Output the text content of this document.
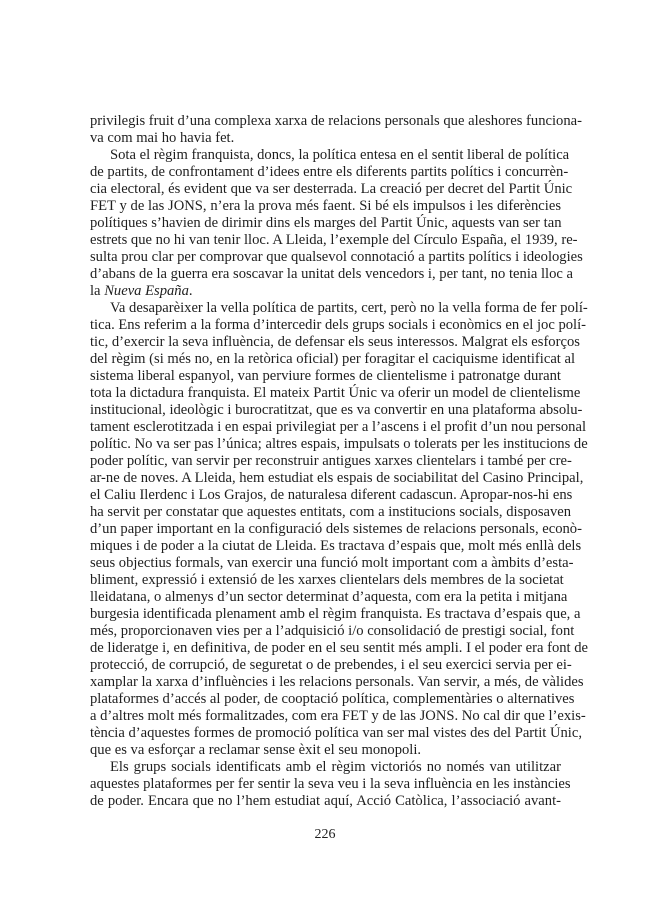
privilegis fruit d’una complexa xarxa de relacions personals que aleshores funciona-
va com mai ho havia fet.
Sota el règim franquista, doncs, la política entesa en el sentit liberal de política
de partits, de confrontament d’idees entre els diferents partits polítics i concurrèn-
cia electoral, és evident que va ser desterrada. La creació per decret del Partit Únic
FET y de las JONS, n’era la prova més faent. Si bé els impulsos i les diferències
polítiques s’havien de dirimir dins els marges del Partit Únic, aquests van ser tan
estrets que no hi van tenir lloc. A Lleida, l’exemple del Círculo España, el 1939, re-
sulta prou clar per comprovar que qualsevol connotació a partits polítics i ideologies
d’abans de la guerra era soscavar la unitat dels vencedors i, per tant, no tenia lloc a
la Nueva España.
Va desaparèixer la vella política de partits, cert, però no la vella forma de fer polí-
tica. Ens referim a la forma d’intercedir dels grups socials i econòmics en el joc polí-
tic, d’exercir la seva influència, de defensar els seus interessos. Malgrat els esforços
del règim (si més no, en la retòrica oficial) per foragitar el caciquisme identificat al
sistema liberal espanyol, van perviure formes de clientelisme i patronatge durant
tota la dictadura franquista. El mateix Partit Únic va oferir un model de clientelisme
institucional, ideològic i burocratitzat, que es va convertir en una plataforma absolu-
tament esclerotitzada i en espai privilegiat per a l’ascens i el profit d’un nou personal
polític. No va ser pas l’única; altres espais, impulsats o tolerats per les institucions de
poder polític, van servir per reconstruir antigues xarxes clientelars i també per cre-
ar-ne de noves. A Lleida, hem estudiat els espais de sociabilitat del Casino Principal,
el Caliu Ilerdenc i Los Grajos, de naturalesa diferent cadascun. Apropar-nos-hi ens
ha servit per constatar que aquestes entitats, com a institucions socials, disposaven
d’un paper important en la configuració dels sistemes de relacions personals, econò-
miques i de poder a la ciutat de Lleida. Es tractava d’espais que, molt més enllà dels
seus objectius formals, van exercir una funció molt important com a àmbits d’esta-
bliment, expressió i extensió de les xarxes clientelars dels membres de la societat
lleidatana, o almenys d’un sector determinat d’aquesta, com era la petita i mitjana
burgesia identificada plenament amb el règim franquista. Es tractava d’espais que, a
més, proporcionaven vies per a l’adquisició i/o consolidació de prestigi social, font
de lideratge i, en definitiva, de poder en el seu sentit més ampli. I el poder era font de
protecció, de corrupció, de seguretat o de prebendes, i el seu exercici servia per ei-
xamplar la xarxa d’influències i les relacions personals. Van servir, a més, de vàlides
plataformes d’accés al poder, de cooptació política, complementàries o alternatives
a d’altres molt més formalitzades, com era FET y de las JONS. No cal dir que l’exis-
tència d’aquestes formes de promoció política van ser mal vistes des del Partit Únic,
que es va esforçar a reclamar sense èxit el seu monopoli.
Els grups socials identificats amb el règim victoriós no només van utilitzar
aquestes plataformes per fer sentir la seva veu i la seva influència en les instàncies
de poder. Encara que no l’hem estudiat aquí, Acció Catòlica, l’associació avant-
226
